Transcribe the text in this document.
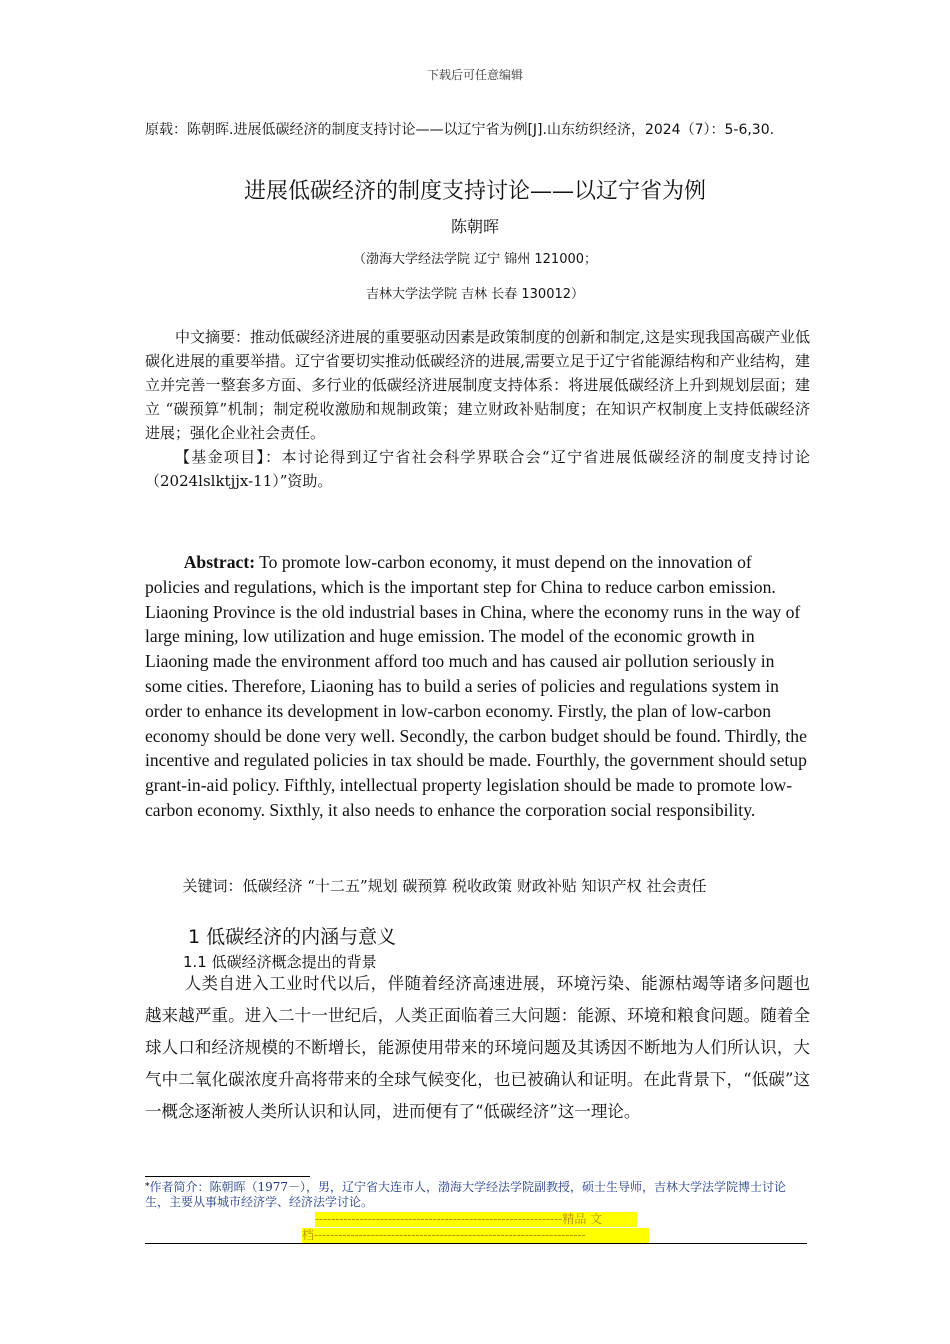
下载后可任意编辑
原载：陈朝晖.进展低碳经济的制度支持讨论——以辽宁省为例[J].山东纺织经济，2024（7）：5-6,30.
进展低碳经济的制度支持讨论——以辽宁省为例
陈朝晖
（渤海大学经法学院 辽宁 锦州 121000；
吉林大学法学院 吉林 长春 130012）

中文摘要：推动低碳经济进展的重要驱动因素是政策制度的创新和制定,这是实现我国高碳产业低碳化进展的重要举措。辽宁省要切实推动低碳经济的进展,需要立足于辽宁省能源结构和产业结构，建立并完善一整套多方面、多行业的低碳经济进展制度支持体系：将进展低碳经济上升到规划层面；建立 “碳预算”机制；制定税收激励和规制政策；建立财政补贴制度；在知识产权制度上支持低碳经济进展；强化企业社会责任。

【基金项目】：本讨论得到辽宁省社会科学界联合会“辽宁省进展低碳经济的制度支持讨论（2024lslktjjx-11）”资助。

Abstract: To promote low-carbon economy, it must depend on the innovation of policies and regulations, which is the important step for China to reduce carbon emission. Liaoning Province is the old industrial bases in China, where the economy runs in the way of large mining, low utilization and huge emission. The model of the economic growth in Liaoning made the environment afford too much and has caused air pollution seriously in some cities. Therefore, Liaoning has to build a series of policies and regulations system in order to enhance its development in low-carbon economy. Firstly, the plan of low-carbon economy should be done very well. Secondly, the carbon budget should be found. Thirdly, the incentive and regulated policies in tax should be made. Fourthly, the government should setup grant-in-aid policy. Fifthly, intellectual property legislation should be made to promote low-carbon economy. Sixthly, it also needs to enhance the corporation social responsibility.

关键词：低碳经济 “十二五”规划 碳预算 税收政策 财政补贴 知识产权 社会责任

1 低碳经济的内涵与意义
1.1 低碳经济概念提出的背景

人类自进入工业时代以后，伴随着经济高速进展，环境污染、能源枯竭等诸多问题也越来越严重。进入二十一世纪后，人类正面临着三大问题：能源、环境和粮食问题。随着全球人口和经济规模的不断增长，能源使用带来的环境问题及其诱因不断地为人们所认识，大气中二氧化碳浓度升高将带来的全球气候变化，也已被确认和证明。在此背景下，“低碳”这一概念逐渐被人类所认识和认同，进而便有了“低碳经济”这一理论。

*作者简介：陈朝晖（1977－），男，辽宁省大连市人，渤海大学经法学院副教授，硕士生导师，吉林大学法学院博士讨论生，主要从事城市经济学、经济法学讨论。
-------------------------------------------------------------精品 文
档-------------------------------------------------------------------
